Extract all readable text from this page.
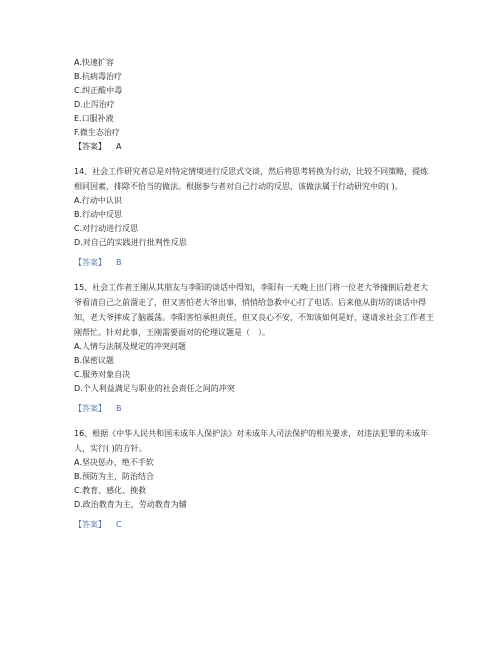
A.快速扩容
B.抗病毒治疗
C.纠正酸中毒
D.止泻治疗
E.口服补液
F.微生态治疗
【答案】 A
14、社会工作研究者总是对特定情境进行反思式交谈，然后将思考转换为行动，比较不同策略，提炼相同因素，排除不恰当的做法。根据参与者对自己行动的反思，该做法属于行动研究中的( )。
A.行动中认识
B.行动中反思
C.对行动进行反思
D.对自己的实践进行批判性反思
【答案】 B
15、社会工作者王刚从其朋友与李阳的谈话中得知，李阳有一天晚上出门将一位老大爷撞倒后趁老大爷看清自己之前溜走了，但又害怕老大爷出事，悄悄给急救中心打了电话。后来他从街坊的谈话中得知，老大爷摔成了脑震荡。李阳害怕承担责任，但又良心不安，不知该如何是好，遂请求社会工作者王刚帮忙。针对此事，王刚需要面对的伦理议题是（　）。
A.人情与法制及规定的冲突问题
B.保密议题
C.服务对象自决
D.个人利益满足与职业的社会责任之间的冲突
【答案】 B
16、根据《中华人民共和国未成年人保护法》对未成年人司法保护的相关要求，对违法犯罪的未成年人，实行( )的方针。
A.坚决惩办，绝不手软
B.预防为主，防治结合
C.教育、感化、挽救
D.政治教育为主，劳动教育为辅
【答案】 C
